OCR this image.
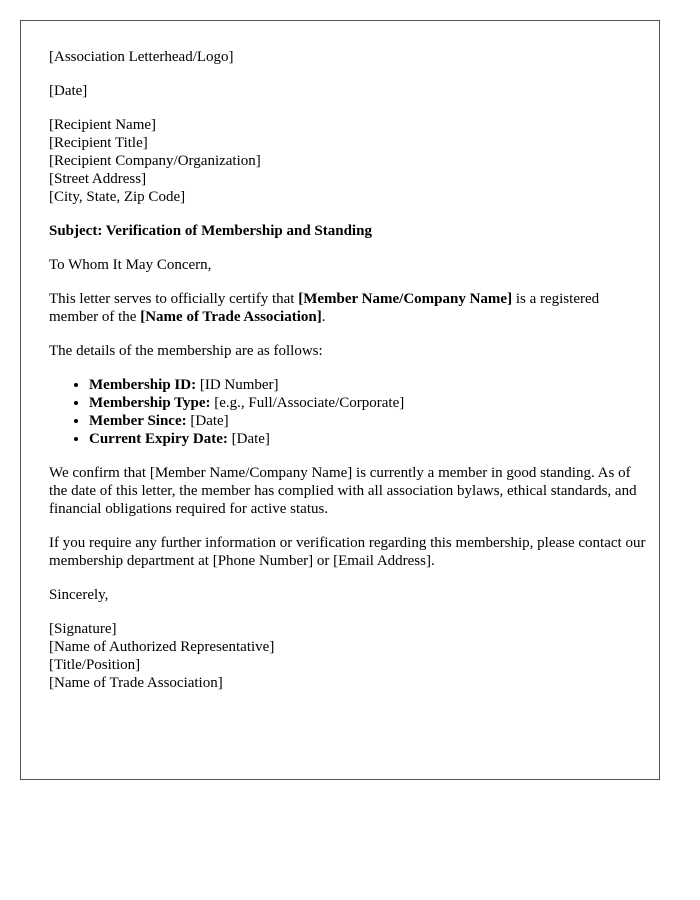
[Association Letterhead/Logo]
[Date]
[Recipient Name]
[Recipient Title]
[Recipient Company/Organization]
[Street Address]
[City, State, Zip Code]
Subject: Verification of Membership and Standing
To Whom It May Concern,
This letter serves to officially certify that [Member Name/Company Name] is a registered member of the [Name of Trade Association].
The details of the membership are as follows:
• Membership ID: [ID Number]
• Membership Type: [e.g., Full/Associate/Corporate]
• Member Since: [Date]
• Current Expiry Date: [Date]
We confirm that [Member Name/Company Name] is currently a member in good standing. As of the date of this letter, the member has complied with all association bylaws, ethical standards, and financial obligations required for active status.
If you require any further information or verification regarding this membership, please contact our membership department at [Phone Number] or [Email Address].
Sincerely,
[Signature]
[Name of Authorized Representative]
[Title/Position]
[Name of Trade Association]
